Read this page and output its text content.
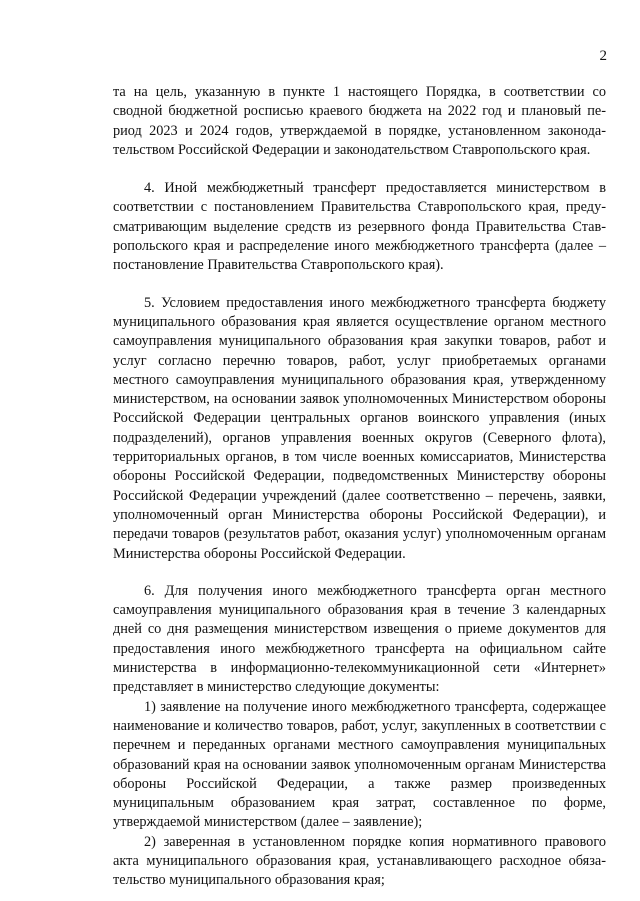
2

та на цель, указанную в пункте 1 настоящего Порядка, в соответствии со сводной бюджетной росписью краевого бюджета на 2022 год и плановый период 2023 и 2024 годов, утверждаемой в порядке, установленном законодательством Российской Федерации и законодательством Ставропольского края.

4. Иной межбюджетный трансферт предоставляется министерством в соответствии с постановлением Правительства Ставропольского края, предусматривающим выделение средств из резервного фонда Правительства Ставропольского края и распределение иного межбюджетного трансферта (далее – постановление Правительства Ставропольского края).

5. Условием предоставления иного межбюджетного трансферта бюджету муниципального образования края является осуществление органом местного самоуправления муниципального образования края закупки товаров, работ и услуг согласно перечню товаров, работ, услуг приобретаемых органами местного самоуправления муниципального образования края, утвержденному министерством, на основании заявок уполномоченных Министерством обороны Российской Федерации центральных органов воинского управления (иных подразделений), органов управления военных округов (Северного флота), территориальных органов, в том числе военных комиссариатов, Министерства обороны Российской Федерации, подведомственных Министерству обороны Российской Федерации учреждений (далее соответственно – перечень, заявки, уполномоченный орган Министерства обороны Российской Федерации), и передачи товаров (результатов работ, оказания услуг) уполномоченным органам Министерства обороны Российской Федерации.

6. Для получения иного межбюджетного трансферта орган местного самоуправления муниципального образования края в течение 3 календарных дней со дня размещения министерством извещения о приеме документов для предоставления иного межбюджетного трансферта на официальном сайте министерства в информационно-телекоммуникационной сети «Интернет» представляет в министерство следующие документы:

1) заявление на получение иного межбюджетного трансферта, содержащее наименование и количество товаров, работ, услуг, закупленных в соответствии с перечнем и переданных органами местного самоуправления муниципальных образований края на основании заявок уполномоченным органам Министерства обороны Российской Федерации, а также размер произведенных муниципальным образованием края затрат, составленное по форме, утверждаемой министерством (далее – заявление);

2) заверенная в установленном порядке копия нормативного правового акта муниципального образования края, устанавливающего расходное обязательство муниципального образования края;
